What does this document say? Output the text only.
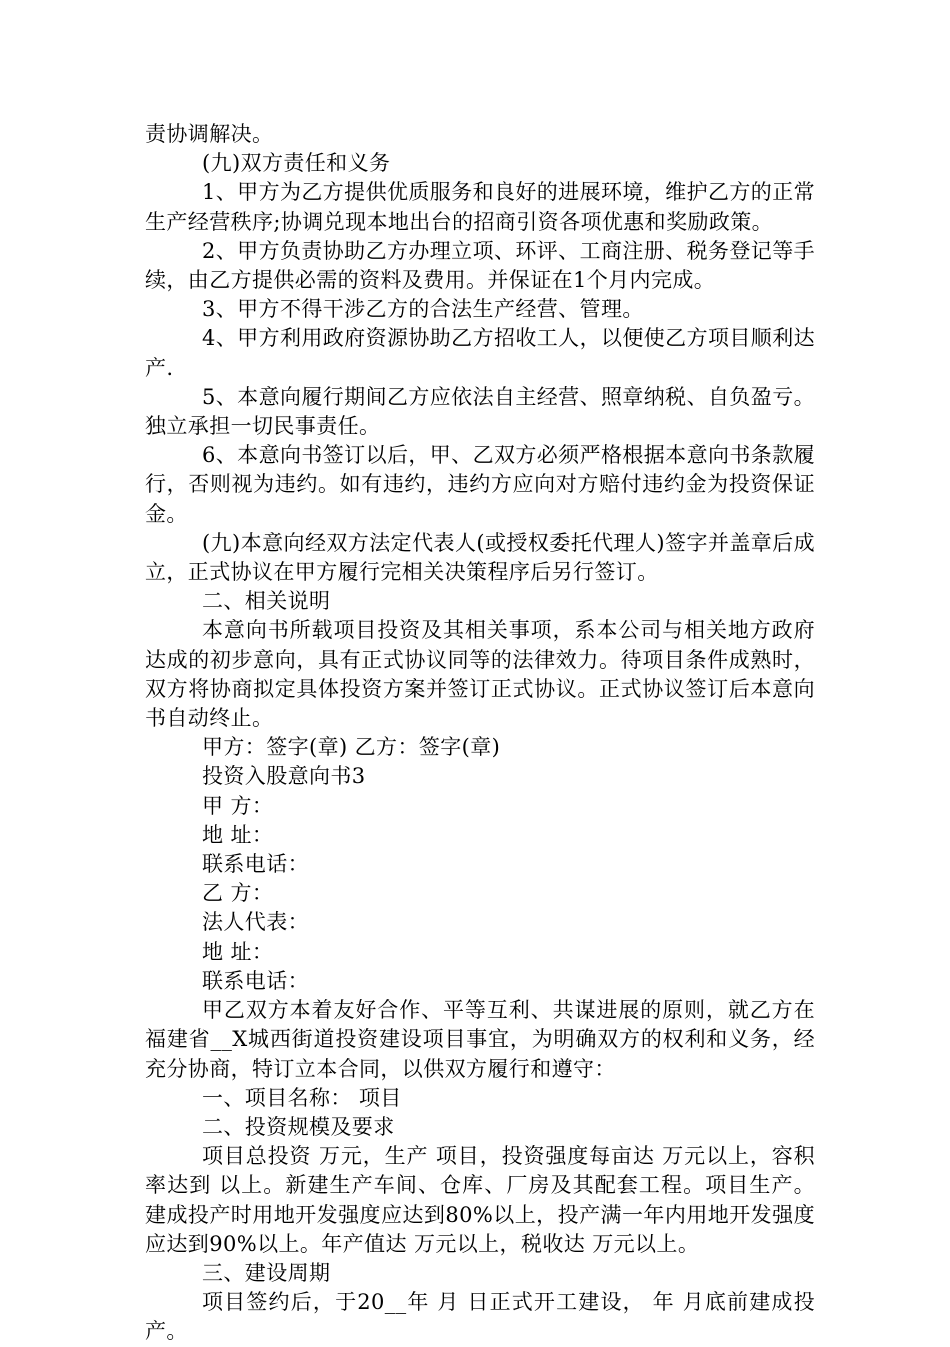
责协调解决。

(九)双方责任和义务

1、甲方为乙方提供优质服务和良好的进展环境，维护乙方的正常生产经营秩序;协调兑现本地出台的招商引资各项优惠和奖励政策。

2、甲方负责协助乙方办理立项、环评、工商注册、税务登记等手续，由乙方提供必需的资料及费用。并保证在1个月内完成。

3、甲方不得干涉乙方的合法生产经营、管理。

4、甲方利用政府资源协助乙方招收工人，以便使乙方项目顺利达产.

5、本意向履行期间乙方应依法自主经营、照章纳税、自负盈亏。独立承担一切民事责任。

6、本意向书签订以后，甲、乙双方必须严格根据本意向书条款履行，否则视为违约。如有违约，违约方应向对方赔付违约金为投资保证金。

(九)本意向经双方法定代表人(或授权委托代理人)签字并盖章后成立，正式协议在甲方履行完相关决策程序后另行签订。

二、相关说明

本意向书所载项目投资及其相关事项，系本公司与相关地方政府达成的初步意向，具有正式协议同等的法律效力。待项目条件成熟时，双方将协商拟定具体投资方案并签订正式协议。正式协议签订后本意向书自动终止。

甲方：签字(章) 乙方：签字(章)

投资入股意向书3

甲 方：

地 址：

联系电话：

乙 方：

法人代表：

地 址：

联系电话：

甲乙双方本着友好合作、平等互利、共谋进展的原则，就乙方在福建省__X城西街道投资建设项目事宜，为明确双方的权利和义务，经充分协商，特订立本合同，以供双方履行和遵守：

一、项目名称： 项目

二、投资规模及要求

项目总投资 万元，生产 项目，投资强度每亩达 万元以上，容积率达到 以上。新建生产车间、仓库、厂房及其配套工程。项目生产。建成投产时用地开发强度应达到80%以上，投产满一年内用地开发强度应达到90%以上。年产值达 万元以上，税收达 万元以上。

三、建设周期

项目签约后，于20__年 月 日正式开工建设， 年 月底前建成投产。
